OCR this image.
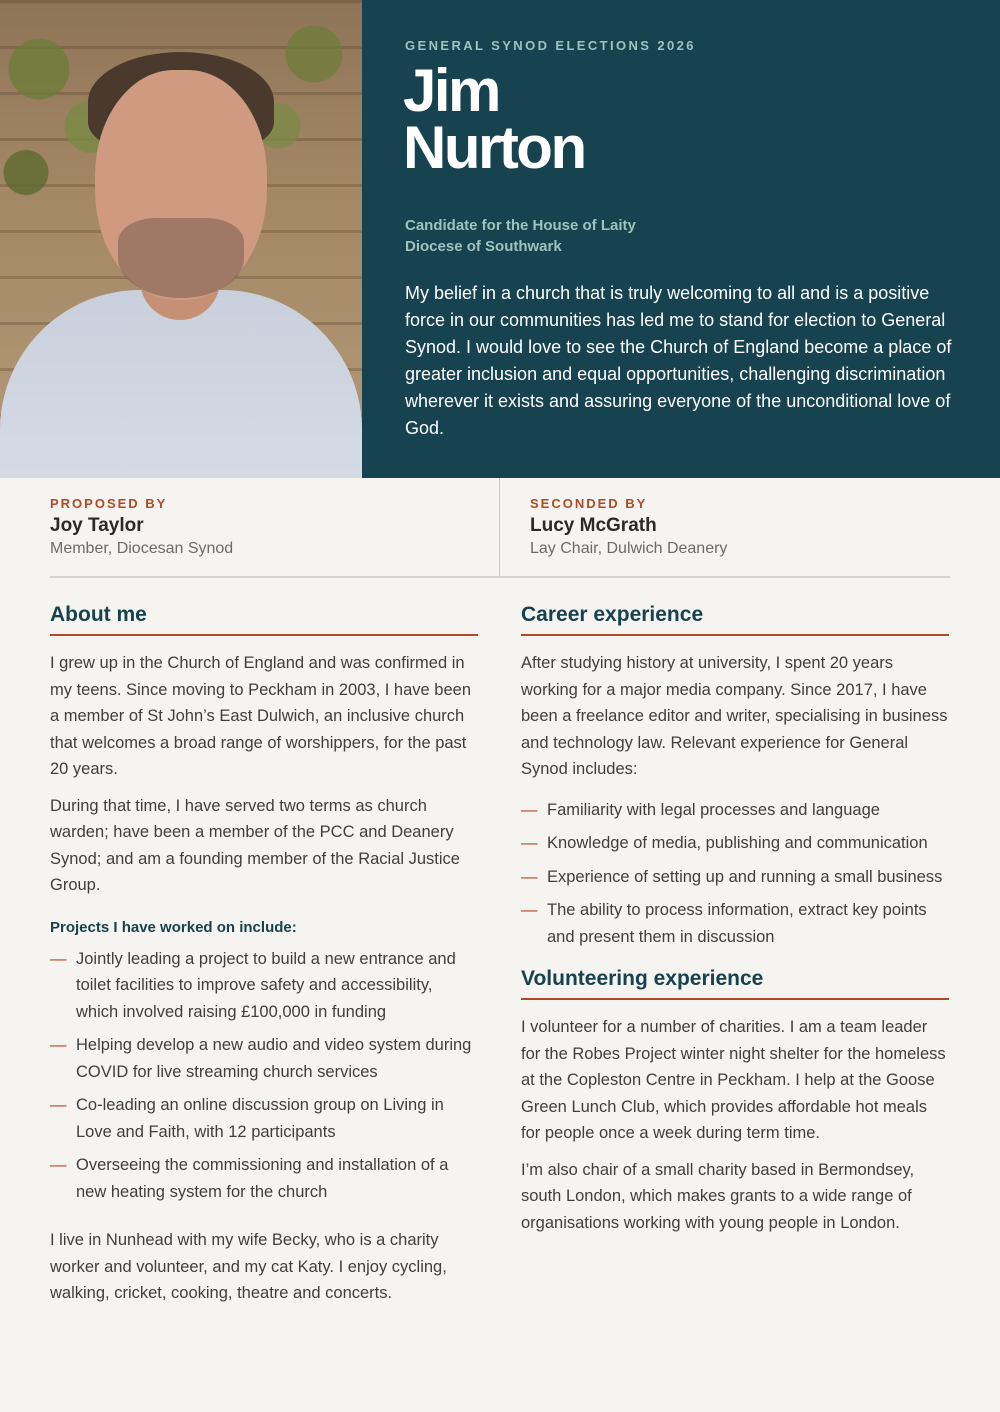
GENERAL SYNOD ELECTIONS 2026
Jim
Nurton
Candidate for the House of Laity
Diocese of Southwark
My belief in a church that is truly welcoming to all and is a positive force in our communities has led me to stand for election to General Synod. I would love to see the Church of England become a place of greater inclusion and equal opportunities, challenging discrimination wherever it exists and assuring everyone of the unconditional love of God.
PROPOSED BY
Joy Taylor
Member, Diocesan Synod
SECONDED BY
Lucy McGrath
Lay Chair, Dulwich Deanery
About me

I grew up in the Church of England and was confirmed in my teens. Since moving to Peckham in 2003, I have been a member of St John’s East Dulwich, an inclusive church that welcomes a broad range of worshippers, for the past 20 years.

During that time, I have served two terms as church warden; have been a member of the PCC and Deanery Synod; and am a founding member of the Racial Justice Group.

Projects I have worked on include:
— Jointly leading a project to build a new entrance and toilet facilities to improve safety and accessibility, which involved raising £100,000 in funding
— Helping develop a new audio and video system during COVID for live streaming church services
— Co-leading an online discussion group on Living in Love and Faith, with 12 participants
— Overseeing the commissioning and installation of a new heating system for the church

I live in Nunhead with my wife Becky, who is a charity worker and volunteer, and my cat Katy. I enjoy cycling, walking, cricket, cooking, theatre and concerts.

Career experience

After studying history at university, I spent 20 years working for a major media company. Since 2017, I have been a freelance editor and writer, specialising in business and technology law. Relevant experience for General Synod includes:

— Familiarity with legal processes and language
— Knowledge of media, publishing and communication
— Experience of setting up and running a small business
— The ability to process information, extract key points and present them in discussion
Volunteering experience

I volunteer for a number of charities. I am a team leader for the Robes Project winter night shelter for the homeless at the Copleston Centre in Peckham. I help at the Goose Green Lunch Club, which provides affordable hot meals for people once a week during term time.

I’m also chair of a small charity based in Bermondsey, south London, which makes grants to a wide range of organisations working with young people in London.
